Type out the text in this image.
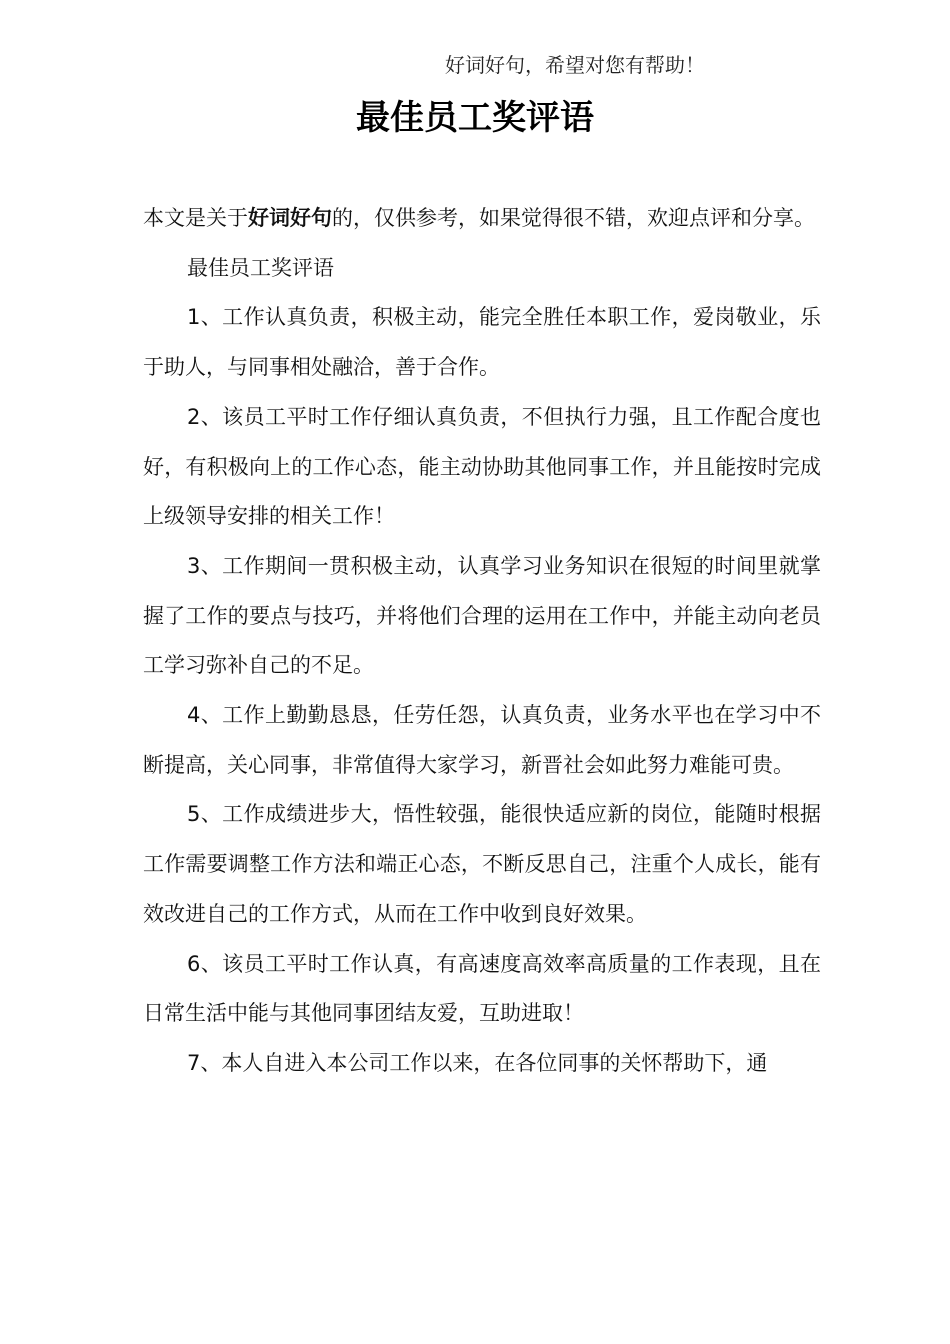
好词好句，希望对您有帮助！
最佳员工奖评语

本文是关于好词好句的，仅供参考，如果觉得很不错，欢迎点评和分享。

最佳员工奖评语

1、工作认真负责，积极主动，能完全胜任本职工作，爱岗敬业，乐于助人，与同事相处融洽，善于合作。

2、该员工平时工作仔细认真负责，不但执行力强，且工作配合度也好，有积极向上的工作心态，能主动协助其他同事工作，并且能按时完成上级领导安排的相关工作！

3、工作期间一贯积极主动，认真学习业务知识在很短的时间里就掌握了工作的要点与技巧，并将他们合理的运用在工作中，并能主动向老员工学习弥补自己的不足。

4、工作上勤勤恳恳，任劳任怨，认真负责，业务水平也在学习中不断提高，关心同事，非常值得大家学习，新晋社会如此努力难能可贵。

5、工作成绩进步大，悟性较强，能很快适应新的岗位，能随时根据工作需要调整工作方法和端正心态，不断反思自己，注重个人成长，能有效改进自己的工作方式，从而在工作中收到良好效果。

6、该员工平时工作认真，有高速度高效率高质量的工作表现，且在日常生活中能与其他同事团结友爱，互助进取！

7、本人自进入本公司工作以来，在各位同事的关怀帮助下，通
